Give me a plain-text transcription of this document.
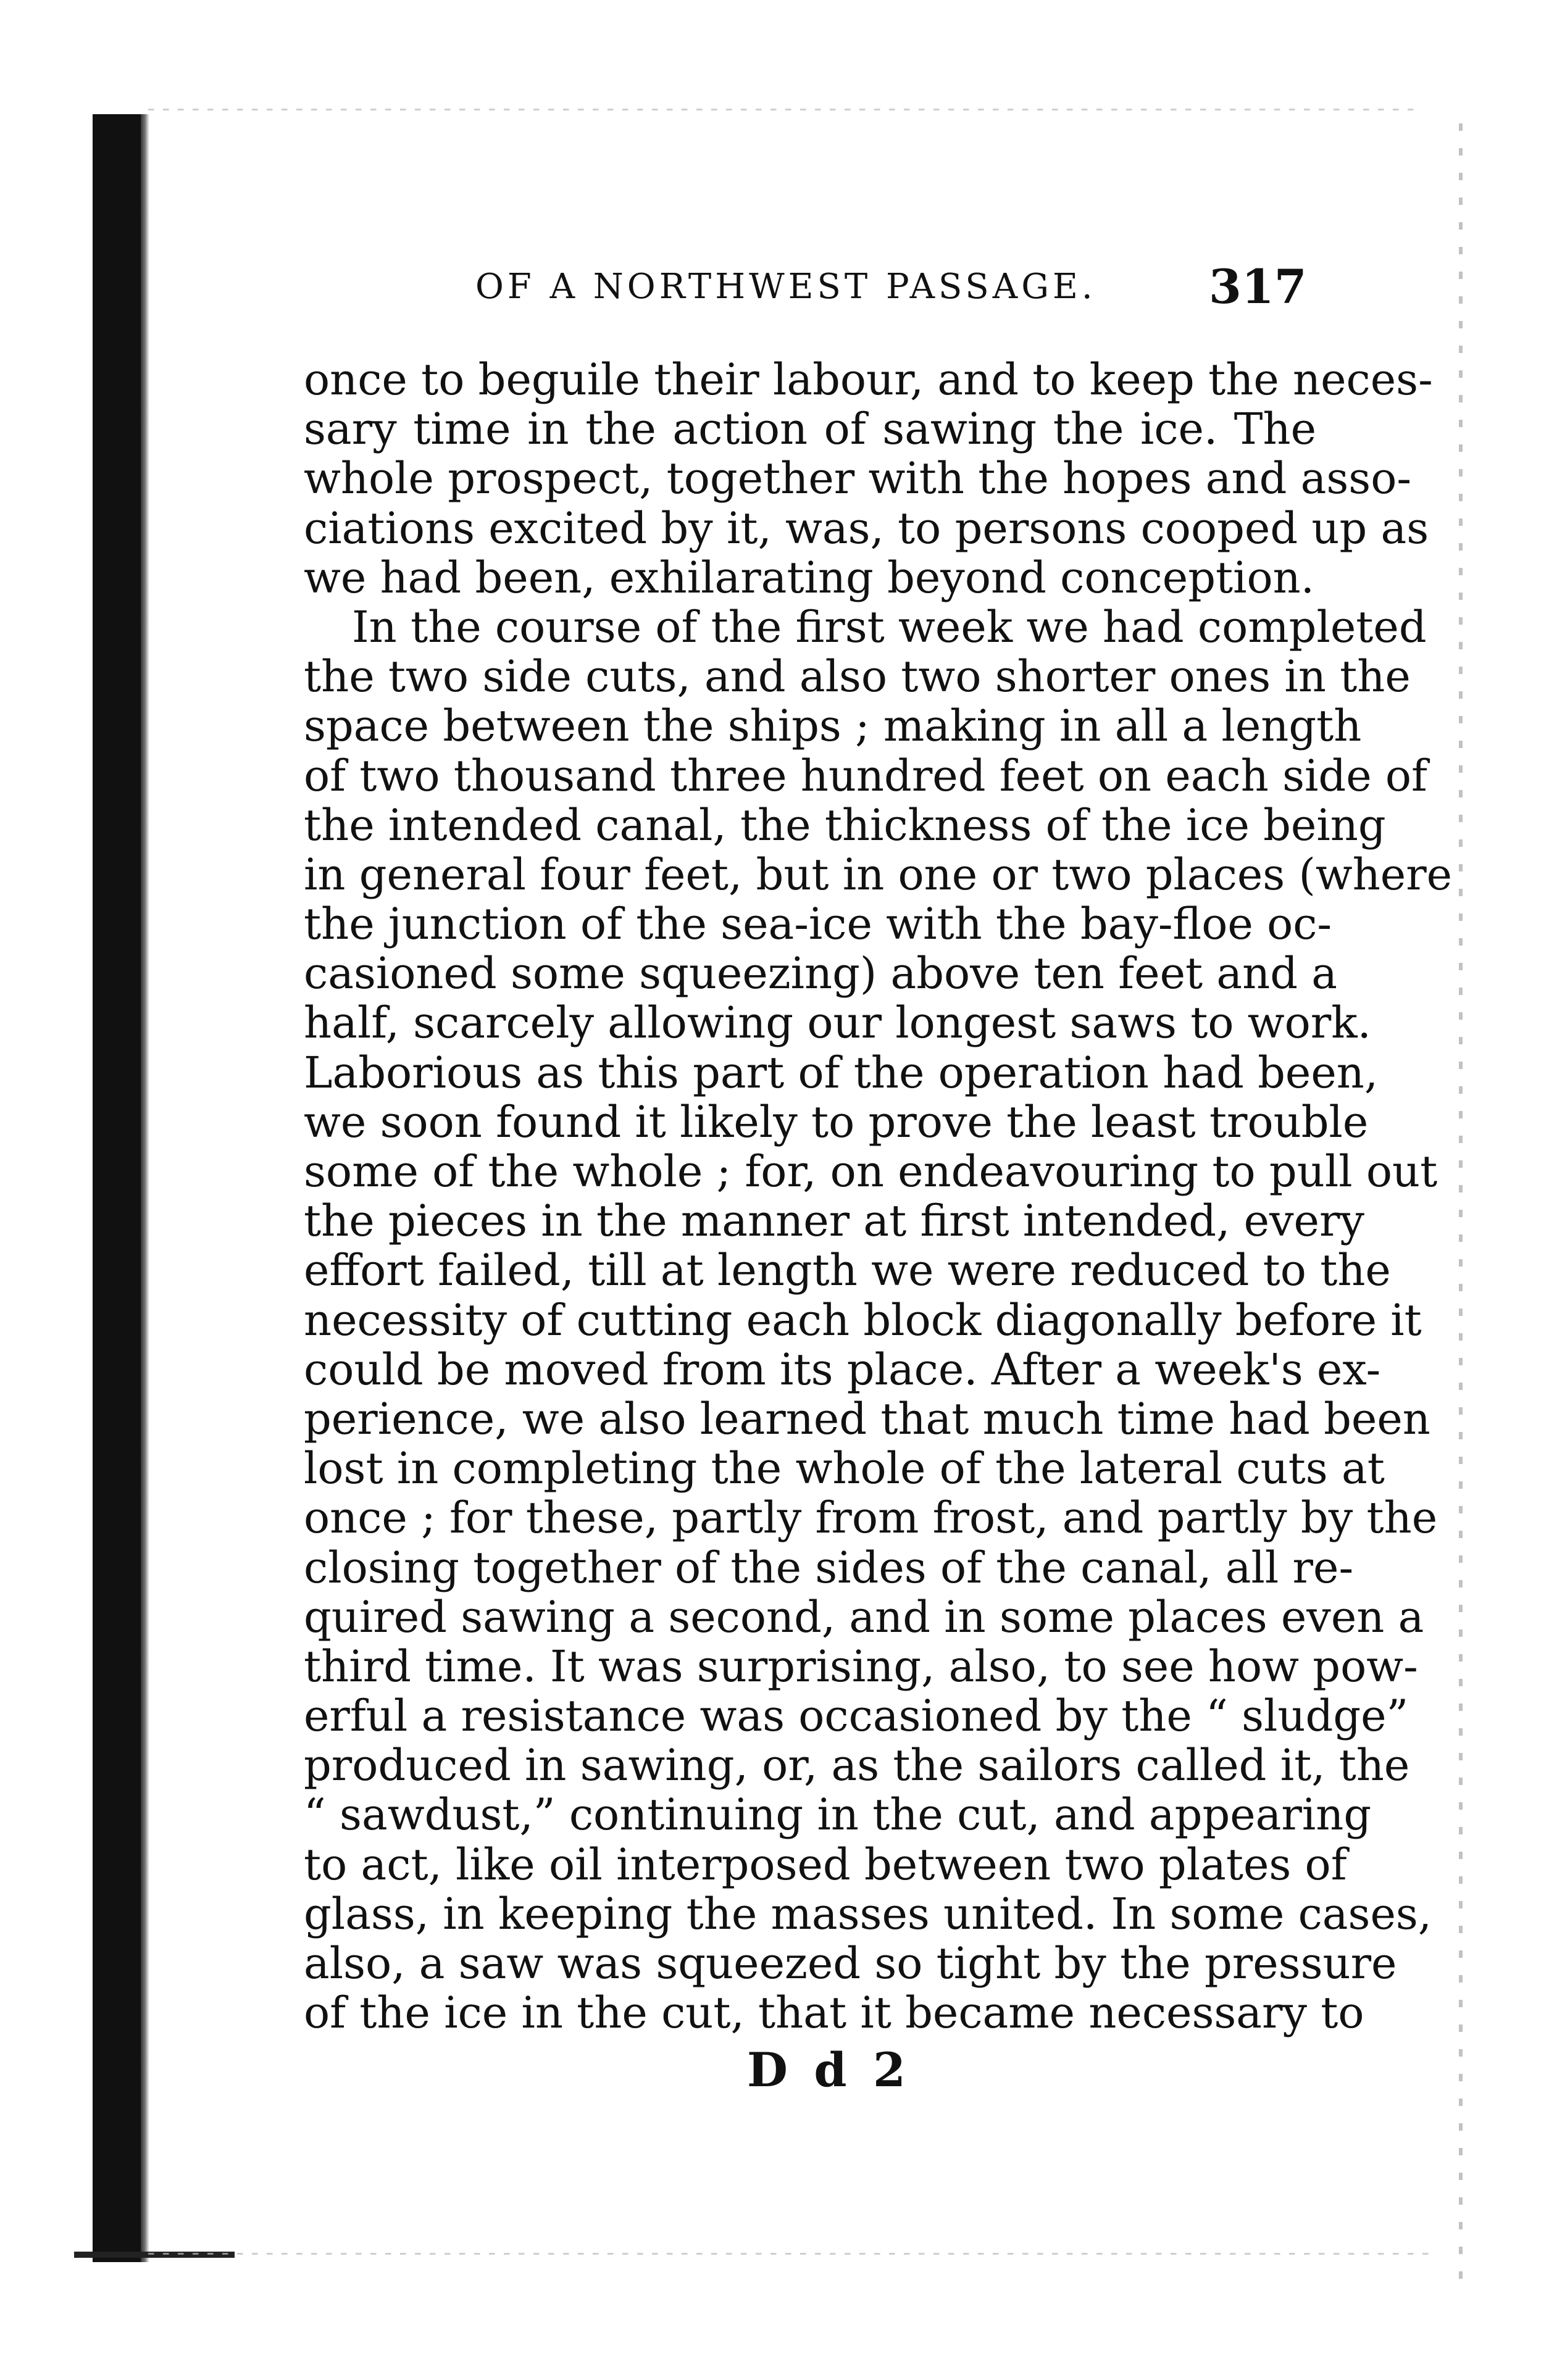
OF A NORTHWEST PASSAGE. 317
once to beguile their labour, and to keep the neces-
sary time in the action of sawing the ice. The
whole prospect, together with the hopes and asso-
ciations excited by it, was, to persons cooped up as
we had been, exhilarating beyond conception.
In the course of the first week we had completed
the two side cuts, and also two shorter ones in the
space between the ships ; making in all a length
of two thousand three hundred feet on each side of
the intended canal, the thickness of the ice being
in general four feet, but in one or two places (where
the junction of the sea-ice with the bay-floe oc-
casioned some squeezing) above ten feet and a
half, scarcely allowing our longest saws to work.
Laborious as this part of the operation had been,
we soon found it likely to prove the least trouble
some of the whole ; for, on endeavouring to pull out
the pieces in the manner at first intended, every
effort failed, till at length we were reduced to the
necessity of cutting each block diagonally before it
could be moved from its place. After a week's ex-
perience, we also learned that much time had been
lost in completing the whole of the lateral cuts at
once ; for these, partly from frost, and partly by the
closing together of the sides of the canal, all re-
quired sawing a second, and in some places even a
third time. It was surprising, also, to see how pow-
erful a resistance was occasioned by the “ sludge”
produced in sawing, or, as the sailors called it, the
“ sawdust,” continuing in the cut, and appearing
to act, like oil interposed between two plates of
glass, in keeping the masses united. In some cases,
also, a saw was squeezed so tight by the pressure
of the ice in the cut, that it became necessary to
D d 2
